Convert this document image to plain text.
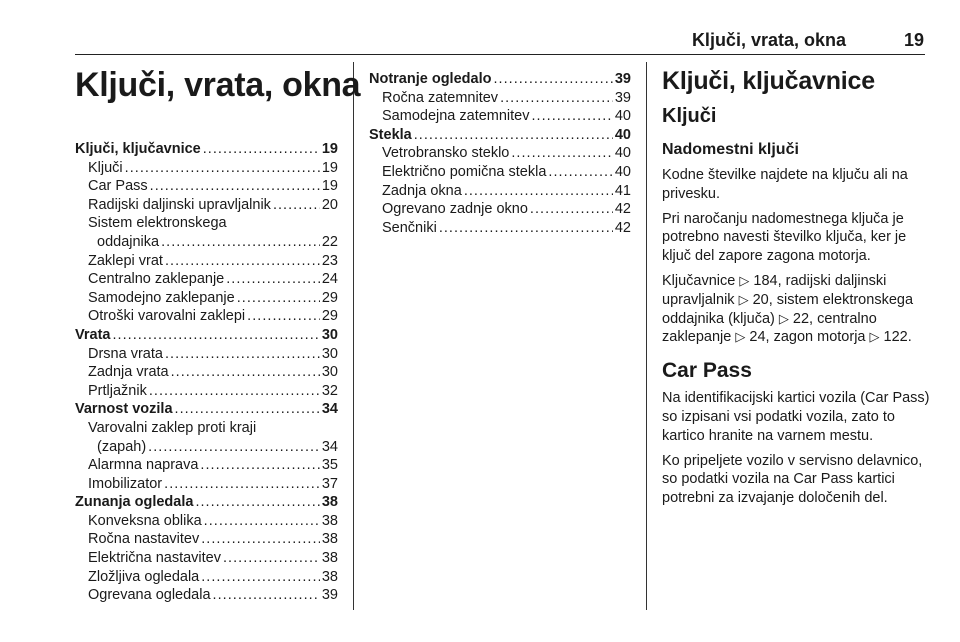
Ključi, vrata, okna	19
Ključi, vrata, okna
Ključi, ključavnice . . .	19
Ključi . . .	19
Car Pass . . .	19
Radijski daljinski upravljalnik . . .	20
Sistem elektronskega
oddajnika . . .	22
Zaklepi vrat . . .	23
Centralno zaklepanje . . .	24
Samodejno zaklepanje . . .	29
Otroški varovalni zaklepi . . .	29
Vrata . . .	30
Drsna vrata . . .	30
Zadnja vrata . . .	30
Prtljažnik . . .	32
Varnost vozila . . .	34
Varovalni zaklep proti kraji
(zapah) . . .	34
Alarmna naprava . . .	35
Imobilizator . . .	37
Zunanja ogledala . . .	38
Konveksna oblika . . .	38
Ročna nastavitev . . .	38
Električna nastavitev . . .	38
Zložljiva ogledala . . .	38
Ogrevana ogledala . . .	39
Notranje ogledalo . . .	39
Ročna zatemnitev . . .	39
Samodejna zatemnitev . . .	40
Stekla . . .	40
Vetrobransko steklo . . .	40
Električno pomična stekla . . .	40
Zadnja okna . . .	41
Ogrevano zadnje okno . . .	42
Senčniki . . .	42
Ključi, ključavnice
Ključi
Nadomestni ključi

Kodne številke najdete na ključu ali na privesku.

Pri naročanju nadomestnega ključa je potrebno navesti številko ključa, ker je ključ del zapore zagona motorja.

Ključavnice ▷ 184, radijski daljinski upravljalnik ▷ 20, sistem elektronskega oddajnika (ključa) ▷ 22, centralno zaklepanje ▷ 24, zagon motorja ▷ 122.

Car Pass

Na identifikacijski kartici vozila (Car Pass) so izpisani vsi podatki vozila, zato to kartico hranite na varnem mestu.

Ko pripeljete vozilo v servisno delavnico, so podatki vozila na Car Pass kartici potrebni za izvajanje določenih del.
